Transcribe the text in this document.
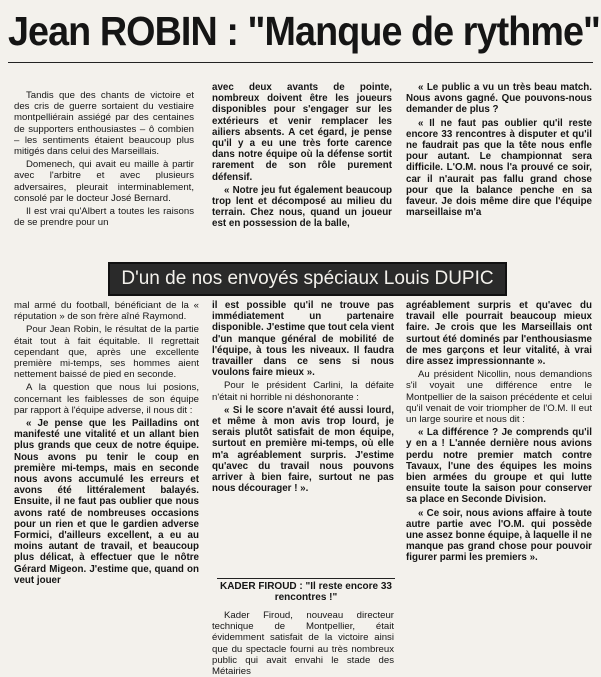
Jean ROBIN : "Manque de rythme"

Tandis que des chants de victoire et des cris de guerre sortaient du vestiaire montpelliérain assiégé par des centaines de supporters enthousiastes – ô combien – les sentiments étaient beaucoup plus mitigés dans celui des Marseillais.

Domenech, qui avait eu maille à partir avec l'arbitre et avec plusieurs adversaires, pleurait interminablement, consolé par le docteur José Bernard.

Il est vrai qu'Albert a toutes les raisons de se prendre pour un

avec deux avants de pointe, nombreux doivent être les joueurs disponibles pour s'engager sur les extérieurs et venir remplacer les ailiers absents. A cet égard, je pense qu'il y a eu une très forte carence dans notre équipe où la défense sortit rarement de son rôle purement défensif.

« Notre jeu fut également beaucoup trop lent et décomposé au milieu du terrain. Chez nous, quand un joueur est en possession de la balle,

« Le public a vu un très beau match. Nous avons gagné. Que pouvons-nous demander de plus ?

« Il ne faut pas oublier qu'il reste encore 33 rencontres à disputer et qu'il ne faudrait pas que la tête nous enfle pour autant. Le championnat sera difficile. L'O.M. nous l'a prouvé ce soir, car il n'aurait pas fallu grand chose pour que la balance penche en sa faveur. Je dois même dire que l'équipe marseillaise m'a

D'un de nos envoyés spéciaux Louis DUPIC

mal armé du football, bénéficiant de la « réputation » de son frère aîné Raymond.

Pour Jean Robin, le résultat de la partie était tout à fait équitable. Il regrettait cependant que, après une excellente première mi-temps, ses hommes aient nettement baissé de pied en seconde.

A la question que nous lui posions, concernant les faiblesses de son équipe par rapport à l'équipe adverse, il nous dit :

« Je pense que les Pailladins ont manifesté une vitalité et un allant bien plus grands que ceux de notre équipe. Nous avons pu tenir le coup en première mi-temps, mais en seconde nous avons accumulé les erreurs et avons été littéralement balayés. Ensuite, il ne faut pas oublier que nous avons raté de nombreuses occasions pour un rien et que le gardien adverse Formici, d'ailleurs excellent, a eu au moins autant de travail, et beaucoup plus délicat, à effectuer que le nôtre Gérard Migeon. J'estime que, quand on veut jouer

il est possible qu'il ne trouve pas immédiatement un partenaire disponible. J'estime que tout cela vient d'un manque général de mobilité de l'équipe, à tous les niveaux. Il faudra travailler dans ce sens si nous voulons faire mieux ».

Pour le président Carlini, la défaite n'était ni horrible ni déshonorante :

« Si le score n'avait été aussi lourd, et même à mon avis trop lourd, je serais plutôt satisfait de mon équipe, surtout en première mi-temps, où elle m'a agréablement surpris. J'estime qu'avec du travail nous pouvons arriver à bien faire, surtout ne pas nous décourager ! ».

KADER FIROUD : "Il reste encore 33 rencontres !"

Kader Firoud, nouveau directeur technique de Montpellier, était évidemment satisfait de la victoire ainsi que du spectacle fourni au très nombreux public qui avait envahi le stade des Métairies

agréablement surpris et qu'avec du travail elle pourrait beaucoup mieux faire. Je crois que les Marseillais ont surtout été dominés par l'enthousiasme de mes garçons et leur vitalité, à vrai dire assez impressionnante ».

Au président Nicollin, nous demandions s'il voyait une différence entre le Montpellier de la saison précédente et celui qu'il venait de voir triompher de l'O.M. Il eut un large sourire et nous dit :

« La différence ? Je comprends qu'il y en a ! L'année dernière nous avions perdu notre premier match contre Tavaux, l'une des équipes les moins bien armées du groupe et qui lutte ensuite toute la saison pour conserver sa place en Seconde Division.

« Ce soir, nous avions affaire à toute autre partie avec l'O.M. qui possède une assez bonne équipe, à laquelle il ne manque pas grand chose pour pouvoir figurer parmi les premiers ».
